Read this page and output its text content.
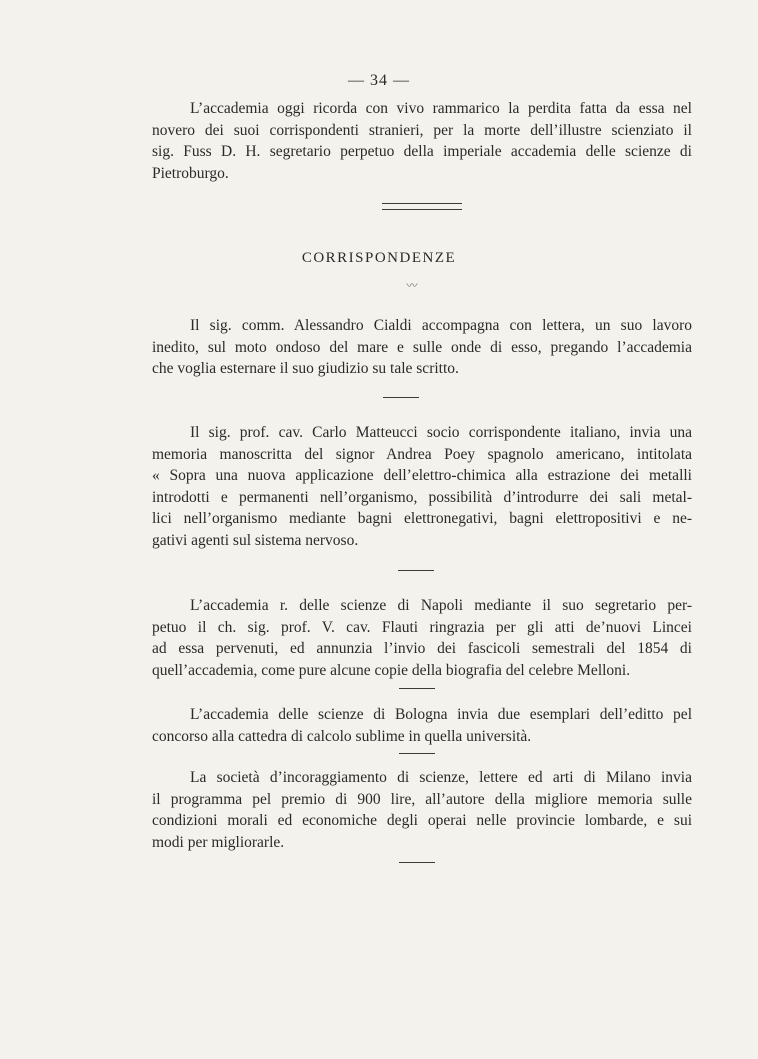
— 34 —
L’accademia oggi ricorda con vivo rammarico la perdita fatta da essa nel
novero dei suoi corrispondenti stranieri, per la morte dell’illustre scienziato il
sig. Fuss D. H. segretario perpetuo della imperiale accademia delle scienze di
Pietroburgo.
CORRISPONDENZE
〰
Il sig. comm. Alessandro Cialdi accompagna con lettera, un suo lavoro
inedito, sul moto ondoso del mare e sulle onde di esso, pregando l’accademia
che voglia esternare il suo giudizio su tale scritto.
Il sig. prof. cav. Carlo Matteucci socio corrispondente italiano, invia una
memoria manoscritta del signor Andrea Poey spagnolo americano, intitolata
« Sopra una nuova applicazione dell’elettro-chimica alla estrazione dei metalli
introdotti e permanenti nell’organismo, possibilità d’introdurre dei sali metal-
lici nell’organismo mediante bagni elettronegativi, bagni elettropositivi e ne-
gativi agenti sul sistema nervoso.
L’accademia r. delle scienze di Napoli mediante il suo segretario per-
petuo il ch. sig. prof. V. cav. Flauti ringrazia per gli atti de’nuovi Lincei
ad essa pervenuti, ed annunzia l’invio dei fascicoli semestrali del 1854 di
quell’accademia, come pure alcune copie della biografia del celebre Melloni.
L’accademia delle scienze di Bologna invia due esemplari dell’editto pel
concorso alla cattedra di calcolo sublime in quella università.
La società d’incoraggiamento di scienze, lettere ed arti di Milano invia
il programma pel premio di 900 lire, all’autore della migliore memoria sulle
condizioni morali ed economiche degli operai nelle provincie lombarde, e sui
modi per migliorarle.
